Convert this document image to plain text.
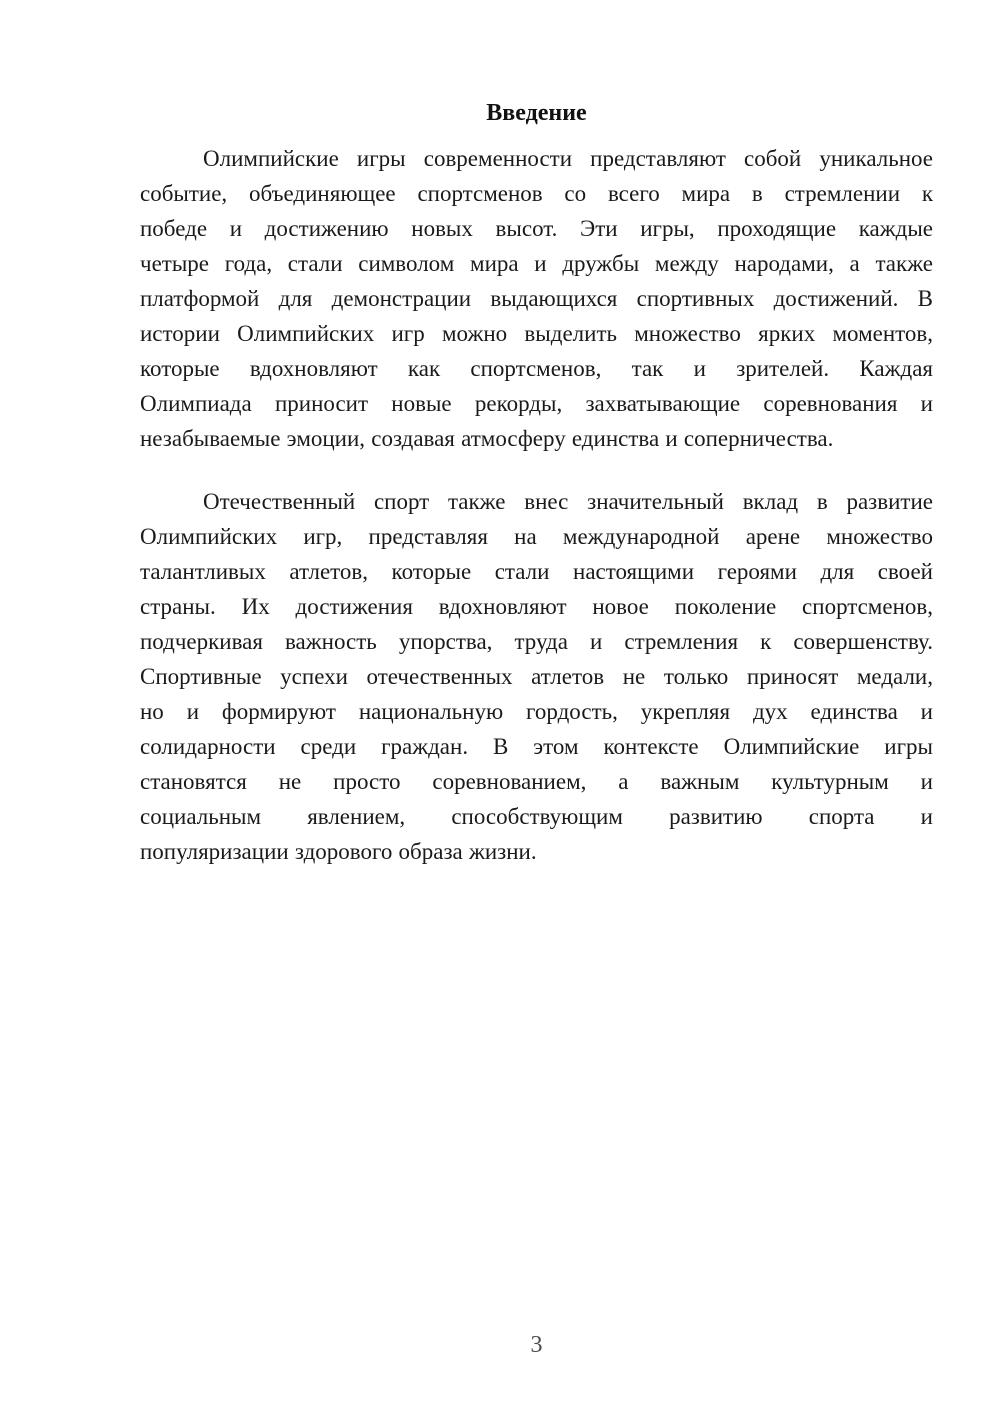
Введение
Олимпийские игры современности представляют собой уникальное
событие, объединяющее спортсменов со всего мира в стремлении к
победе и достижению новых высот. Эти игры, проходящие каждые
четыре года, стали символом мира и дружбы между народами, а также
платформой для демонстрации выдающихся спортивных достижений. В
истории Олимпийских игр можно выделить множество ярких моментов,
которые вдохновляют как спортсменов, так и зрителей. Каждая
Олимпиада приносит новые рекорды, захватывающие соревнования и
незабываемые эмоции, создавая атмосферу единства и соперничества.
Отечественный спорт также внес значительный вклад в развитие
Олимпийских игр, представляя на международной арене множество
талантливых атлетов, которые стали настоящими героями для своей
страны. Их достижения вдохновляют новое поколение спортсменов,
подчеркивая важность упорства, труда и стремления к совершенству.
Спортивные успехи отечественных атлетов не только приносят медали,
но и формируют национальную гордость, укрепляя дух единства и
солидарности среди граждан. В этом контексте Олимпийские игры
становятся не просто соревнованием, а важным культурным и
социальным явлением, способствующим развитию спорта и
популяризации здорового образа жизни.
3
